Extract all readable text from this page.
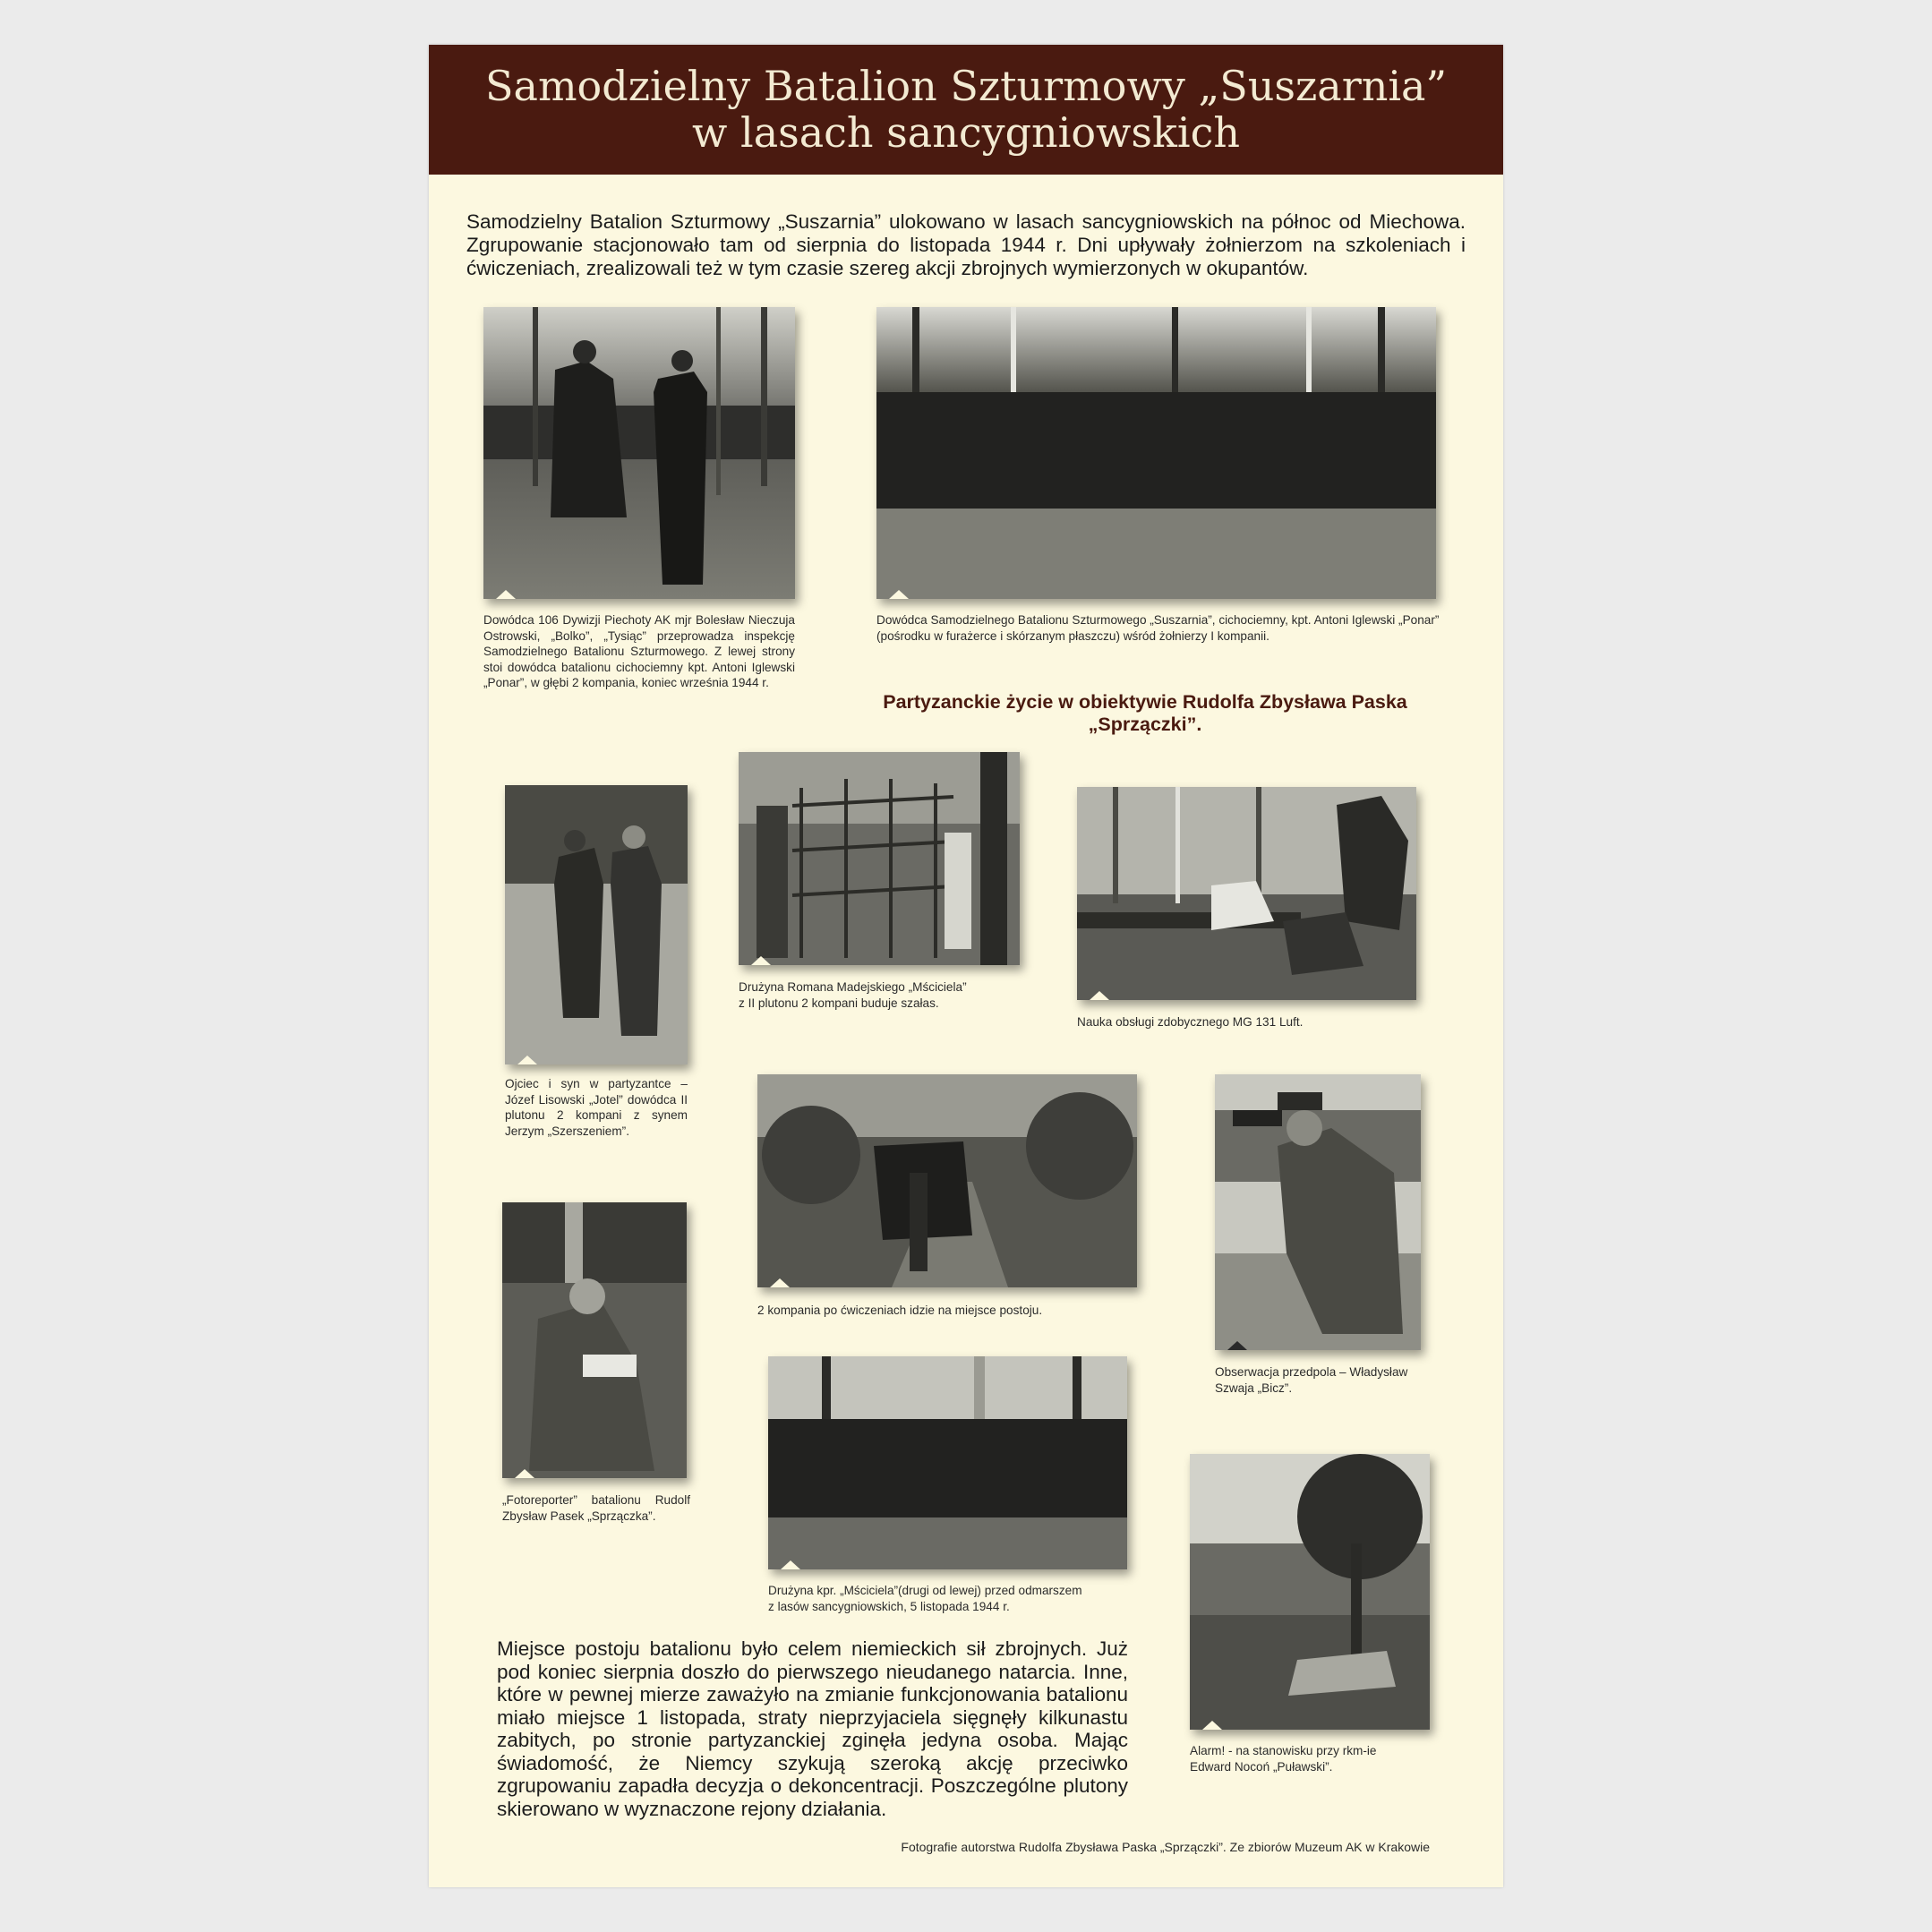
Samodzielny Batalion Szturmowy „Suszarnia”
w lasach sancygniowskich
Samodzielny Batalion Szturmowy „Suszarnia” ulokowano w lasach sancygniowskich na północ od Miechowa. Zgrupowanie stacjonowało tam od sierpnia do listopada 1944 r. Dni upływały żołnierzom na szkoleniach i ćwiczeniach, zrealizowali też w tym czasie szereg akcji zbrojnych wymierzonych w okupantów.
Dowódca 106 Dywizji Piechoty AK mjr Bolesław Nieczuja Ostrowski, „Bolko”, „Tysiąc” przeprowadza inspekcję Samodzielnego Batalionu Szturmowego. Z lewej strony stoi dowódca batalionu cichociemny kpt. Antoni Iglewski „Ponar”, w głębi 2 kompania, koniec września 1944 r.
Dowódca Samodzielnego Batalionu Szturmowego „Suszarnia”, cichociemny, kpt. Antoni Iglewski „Ponar” (pośrodku w furażerce i skórzanym płaszczu) wśród żołnierzy I kompanii.
Partyzanckie życie w obiektywie Rudolfa Zbysława Paska
„Sprzączki”.
Ojciec i syn w partyzantce – Józef Lisowski „Jotel” dowódca II plutonu 2 kompani z synem Jerzym „Szerszeniem”.
Drużyna Romana Madejskiego „Mściciela”
z II plutonu 2 kompani buduje szałas.
Nauka obsługi zdobycznego MG 131 Luft.
2 kompania po ćwiczeniach idzie na miejsce postoju.
Obserwacja przedpola – Władysław
Szwaja „Bicz”.
„Fotoreporter” batalionu Rudolf Zbysław Pasek „Sprzączka”.
Drużyna kpr. „Mściciela”(drugi od lewej) przed odmarszem
z lasów sancygniowskich, 5 listopada 1944 r.
Alarm! - na stanowisku przy rkm-ie
Edward Nocoń „Puławski”.
Miejsce postoju batalionu było celem niemieckich sił zbrojnych. Już pod koniec sierpnia doszło do pierwszego nieudanego natarcia. Inne, które w pewnej mierze zaważyło na zmianie funkcjonowania batalionu miało miejsce 1 listopada, straty nieprzyjaciela sięgnęły kilkunastu zabitych, po stronie partyzanckiej zginęła jedyna osoba. Mając świadomość, że Niemcy szykują szeroką akcję przeciwko zgrupowaniu zapadła decyzja o dekoncentracji. Poszczególne plutony skierowano w wyznaczone rejony działania.
Fotografie autorstwa Rudolfa Zbysława Paska „Sprzączki”. Ze zbiorów Muzeum AK w Krakowie
